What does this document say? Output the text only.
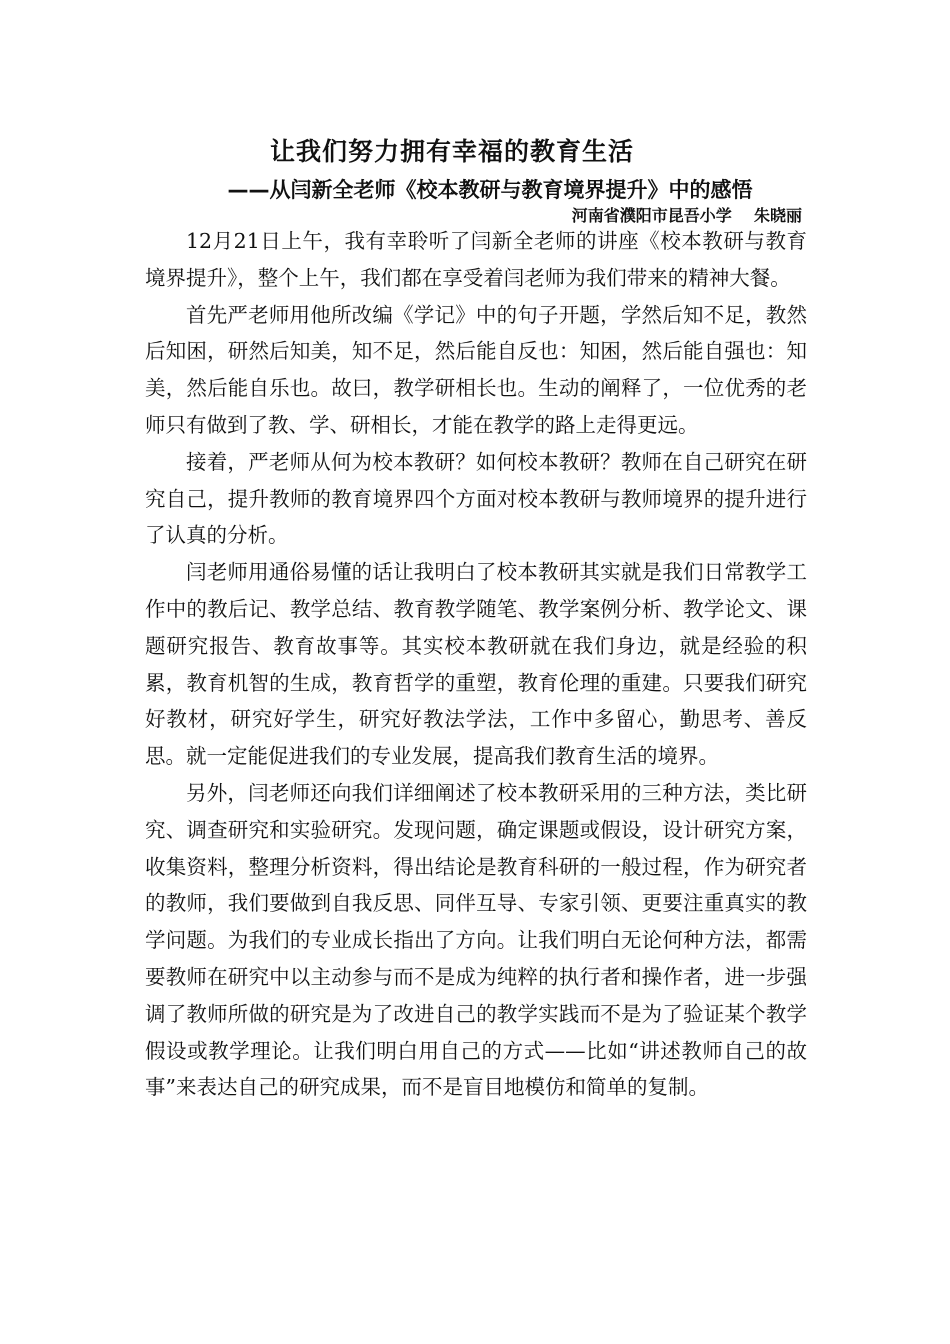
让我们努力拥有幸福的教育生活
——从闫新全老师《校本教研与教育境界提升》中的感悟
河南省濮阳市昆吾小学    朱晓丽

12月21日上午，我有幸聆听了闫新全老师的讲座《校本教研与教育境界提升》，整个上午，我们都在享受着闫老师为我们带来的精神大餐。

首先严老师用他所改编《学记》中的句子开题，学然后知不足，教然后知困，研然后知美，知不足，然后能自反也：知困，然后能自强也：知美，然后能自乐也。故曰，教学研相长也。生动的阐释了，一位优秀的老师只有做到了教、学、研相长，才能在教学的路上走得更远。

接着，严老师从何为校本教研？如何校本教研？教师在自己研究在研究自己，提升教师的教育境界四个方面对校本教研与教师境界的提升进行了认真的分析。

闫老师用通俗易懂的话让我明白了校本教研其实就是我们日常教学工作中的教后记、教学总结、教育教学随笔、教学案例分析、教学论文、课题研究报告、教育故事等。其实校本教研就在我们身边，就是经验的积累，教育机智的生成，教育哲学的重塑，教育伦理的重建。只要我们研究好教材，研究好学生，研究好教法学法，工作中多留心，勤思考、善反思。就一定能促进我们的专业发展，提高我们教育生活的境界。

另外，闫老师还向我们详细阐述了校本教研采用的三种方法，类比研究、调查研究和实验研究。发现问题，确定课题或假设，设计研究方案，收集资料，整理分析资料，得出结论是教育科研的一般过程，作为研究者的教师，我们要做到自我反思、同伴互导、专家引领、更要注重真实的教学问题。为我们的专业成长指出了方向。让我们明白无论何种方法，都需要教师在研究中以主动参与而不是成为纯粹的执行者和操作者，进一步强调了教师所做的研究是为了改进自己的教学实践而不是为了验证某个教学假设或教学理论。让我们明白用自己的方式——比如“讲述教师自己的故事”来表达自己的研究成果，而不是盲目地模仿和简单的复制。
